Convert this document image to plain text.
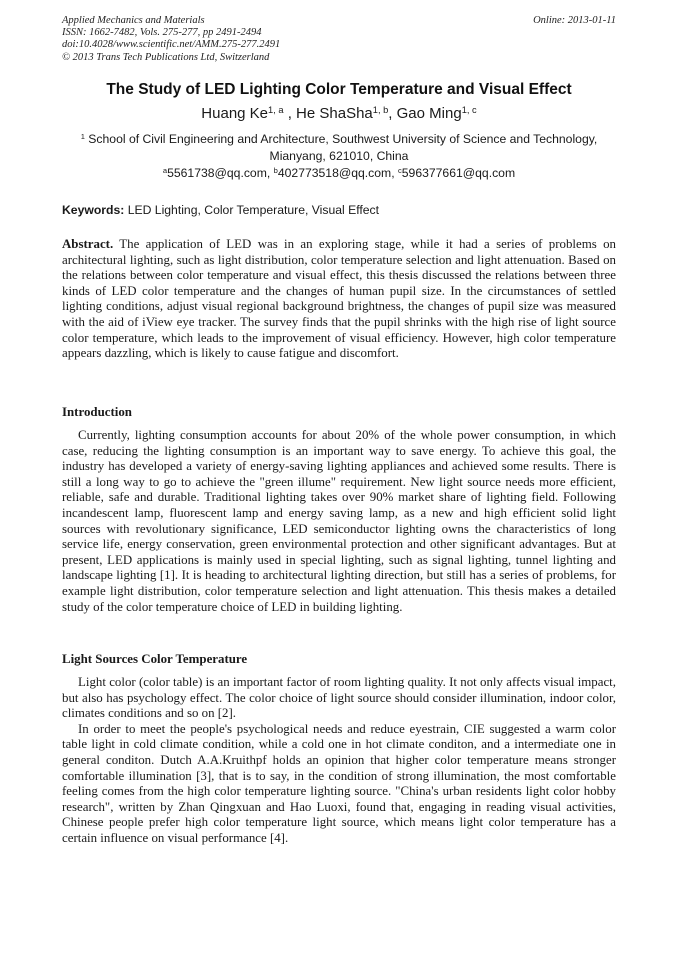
Applied Mechanics and Materials
ISSN: 1662-7482, Vols. 275-277, pp 2491-2494
doi:10.4028/www.scientific.net/AMM.275-277.2491
© 2013 Trans Tech Publications Ltd, Switzerland
Online: 2013-01-11
The Study of LED Lighting Color Temperature and Visual Effect
Huang Ke$^{1, a}$ , He ShaSha$^{1, b}$, Gao Ming$^{1, c}$
$^1$ School of Civil Engineering and Architecture, Southwest University of Science and Technology,
Mianyang, 621010, China
$^a$5561738@qq.com, $^b$402773518@qq.com, $^c$596377661@qq.com
Keywords: LED Lighting, Color Temperature, Visual Effect

Abstract. The application of LED was in an exploring stage, while it had a series of problems on architectural lighting, such as light distribution, color temperature selection and light attenuation. Based on the relations between color temperature and visual effect, this thesis discussed the relations between three kinds of LED color temperature and the changes of human pupil size. In the circumstances of settled lighting conditions, adjust visual regional background brightness, the changes of pupil size was measured with the aid of iView eye tracker. The survey finds that the pupil shrinks with the high rise of light source color temperature, which leads to the improvement of visual efficiency. However, high color temperature appears dazzling, which is likely to cause fatigue and discomfort.

Introduction

Currently, lighting consumption accounts for about 20% of the whole power consumption, in which case, reducing the lighting consumption is an important way to save energy. To achieve this goal, the industry has developed a variety of energy-saving lighting appliances and achieved some results. There is still a long way to go to achieve the "green illume" requirement. New light source needs more efficient, reliable, safe and durable. Traditional lighting takes over 90% market share of lighting field. Following incandescent lamp, fluorescent lamp and energy saving lamp, as a new and high efficient solid light sources with revolutionary significance, LED semiconductor lighting owns the characteristics of long service life, energy conservation, green environmental protection and other significant advantages. But at present, LED applications is mainly used in special lighting, such as signal lighting, tunnel lighting and landscape lighting [1]. It is heading to architectural lighting direction, but still has a series of problems, for example light distribution, color temperature selection and light attenuation. This thesis makes a detailed study of the color temperature choice of LED in building lighting.

Light Sources Color Temperature

Light color (color table) is an important factor of room lighting quality. It not only affects visual impact, but also has psychology effect. The color choice of light source should consider illumination, indoor color, climates conditions and so on [2].

In order to meet the people's psychological needs and reduce eyestrain, CIE suggested a warm color table light in cold climate condition, while a cold one in hot climate conditon, and a intermediate one in general conditon. Dutch A.A.Kruithpf holds an opinion that higher color temperature means stronger comfortable illumination [3], that is to say, in the condition of strong illumination, the most comfortable feeling comes from the high color temperature lighting source. "China's urban residents light color hobby research", written by Zhan Qingxuan and Hao Luoxi, found that, engaging in reading visual activities, Chinese people prefer high color temperature light source, which means light color temperature has a certain influence on visual performance [4].
